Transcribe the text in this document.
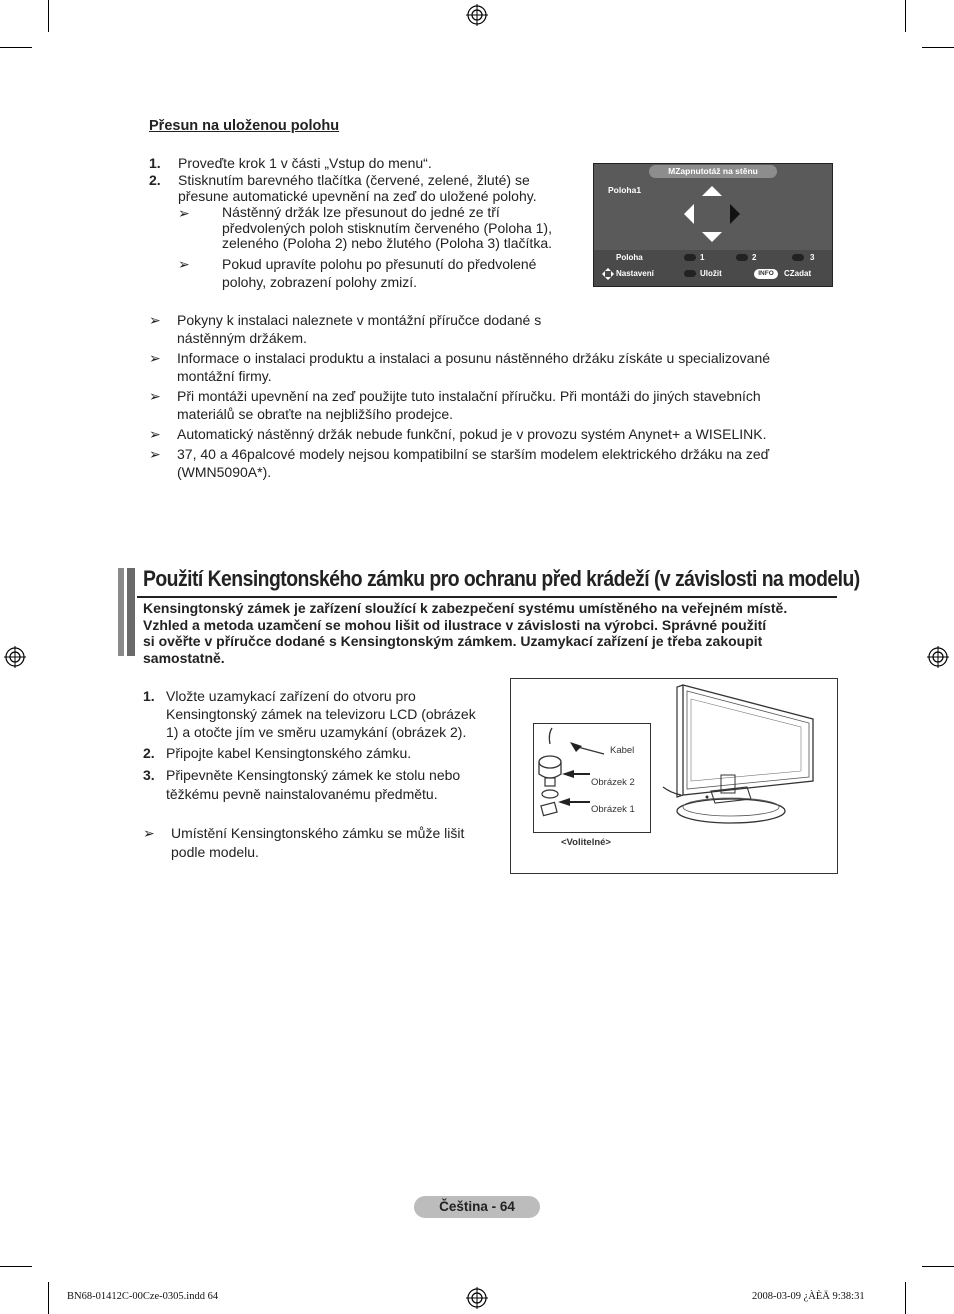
Přesun na uloženou polohu
1. Proveďte krok 1 v části „Vstup do menu“.
2. Stisknutím barevného tlačítka (červené, zelené, žluté) se
přesune automatické upevnění na zeď do uložené polohy.
➢ Nástěnný držák lze přesunout do jedné ze tří
předvolených poloh stisknutím červeného (Poloha 1),
zeleného (Poloha 2) nebo žlutého (Poloha 3) tlačítka.
➢ Pokud upravíte polohu po přesunutí do předvolené
polohy, zobrazení polohy zmizí.
MZapnutotáž na stěnu
Poloha1
Poloha	1	2	3
Nastavení	Uložit	INFO	CZadat
➢ Pokyny k instalaci naleznete v montážní příručce dodané s
nástěnným držákem.
➢ Informace o instalaci produktu a instalaci a posunu nástěnného držáku získáte u specializované
montážní firmy.
➢ Při montáži upevnění na zeď použijte tuto instalační příručku. Při montáži do jiných stavebních
materiálů se obraťte na nejbližšího prodejce.
➢ Automatický nástěnný držák nebude funkční, pokud je v provozu systém Anynet+ a WISELINK.
➢ 37, 40 a 46palcové modely nejsou kompatibilní se starším modelem elektrického držáku na zeď
(WMN5090A*).
Použití Kensingtonského zámku pro ochranu před krádeží (v závislosti na modelu)
Kensingtonský zámek je zařízení sloužící k zabezpečení systému umístěného na veřejném místě.
Vzhled a metoda uzamčení se mohou lišit od ilustrace v závislosti na výrobci. Správné použití
si ověřte v příručce dodané s Kensingtonským zámkem. Uzamykací zařízení je třeba zakoupit
samostatně.
1. Vložte uzamykací zařízení do otvoru pro
Kensingtonský zámek na televizoru LCD (obrázek
1) a otočte jím ve směru uzamykání (obrázek 2).
2. Připojte kabel Kensingtonského zámku.
3. Připevněte Kensingtonský zámek ke stolu nebo
těžkému pevně nainstalovanému předmětu.
➢ Umístění Kensingtonského zámku se může lišit
podle modelu.
Kabel
Obrázek 2
Obrázek 1
<Volitelné>
Čeština - 64
BN68-01412C-00Cze-0305.indd 64	2008-03-09 ¿ÀÈÄ 9:38:31
